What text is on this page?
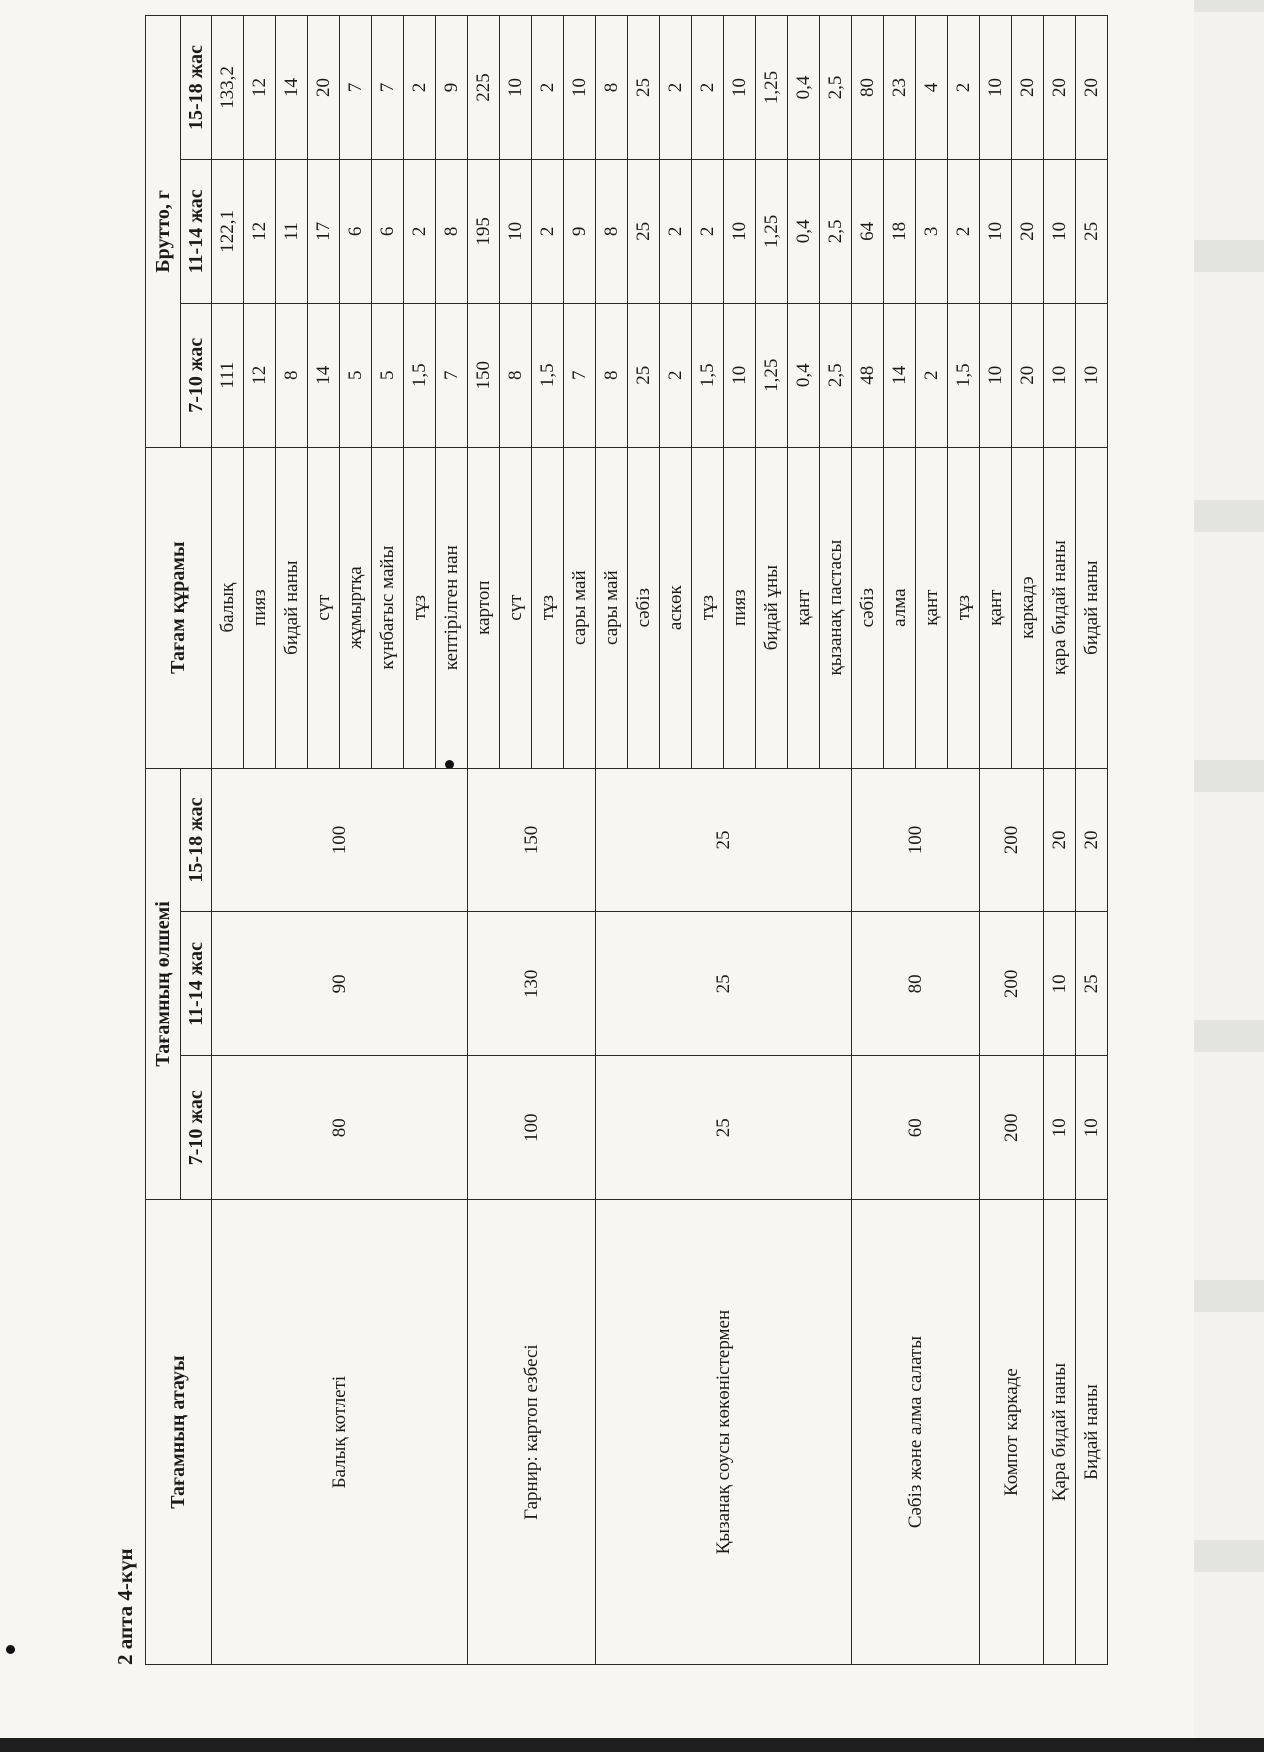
2 апта 4-күн
Тағамның атауы	Тағамның өлшемі			Тағам құрамы	Брутто, г		
	7-10 жас	11-14 жас	15-18 жас		7-10 жас	11-14 жас	15-18 жас
Балық котлеті	80	90	100	балық	111	122,1	133,2
				пияз	12	12	12
				бидай наны	8	11	14
				сүт	14	17	20
				жұмыртқа	5	6	7
				күнбағыс майы	5	6	7
				тұз	1,5	2	2
				кептірілген нан	7	8	9
Гарнир: картоп езбесі	100	130	150	картоп	150	195	225
				сүт	8	10	10
				тұз	1,5	2	2
				сары май	7	9	10
Қызанақ соусы көкөністермен	25	25	25	сары май	8	8	8
				сәбіз	25	25	25
				аскөк	2	2	2
				тұз	1,5	2	2
				пияз	10	10	10
				бидай ұны	1,25	1,25	1,25
				қант	0,4	0,4	0,4
				қызанақ пастасы	2,5	2,5	2,5
Сәбіз және алма салаты	60	80	100	сәбіз	48	64	80
				алма	14	18	23
				қант	2	3	4
				тұз	1,5	2	2
Компот каркаде	200	200	200	қант	10	10	10
				каркадэ	20	20	20
Қара бидай наны	10	10	20	қара бидай наны	10	10	20
Бидай наны	10	25	20	бидай наны	10	25	20
